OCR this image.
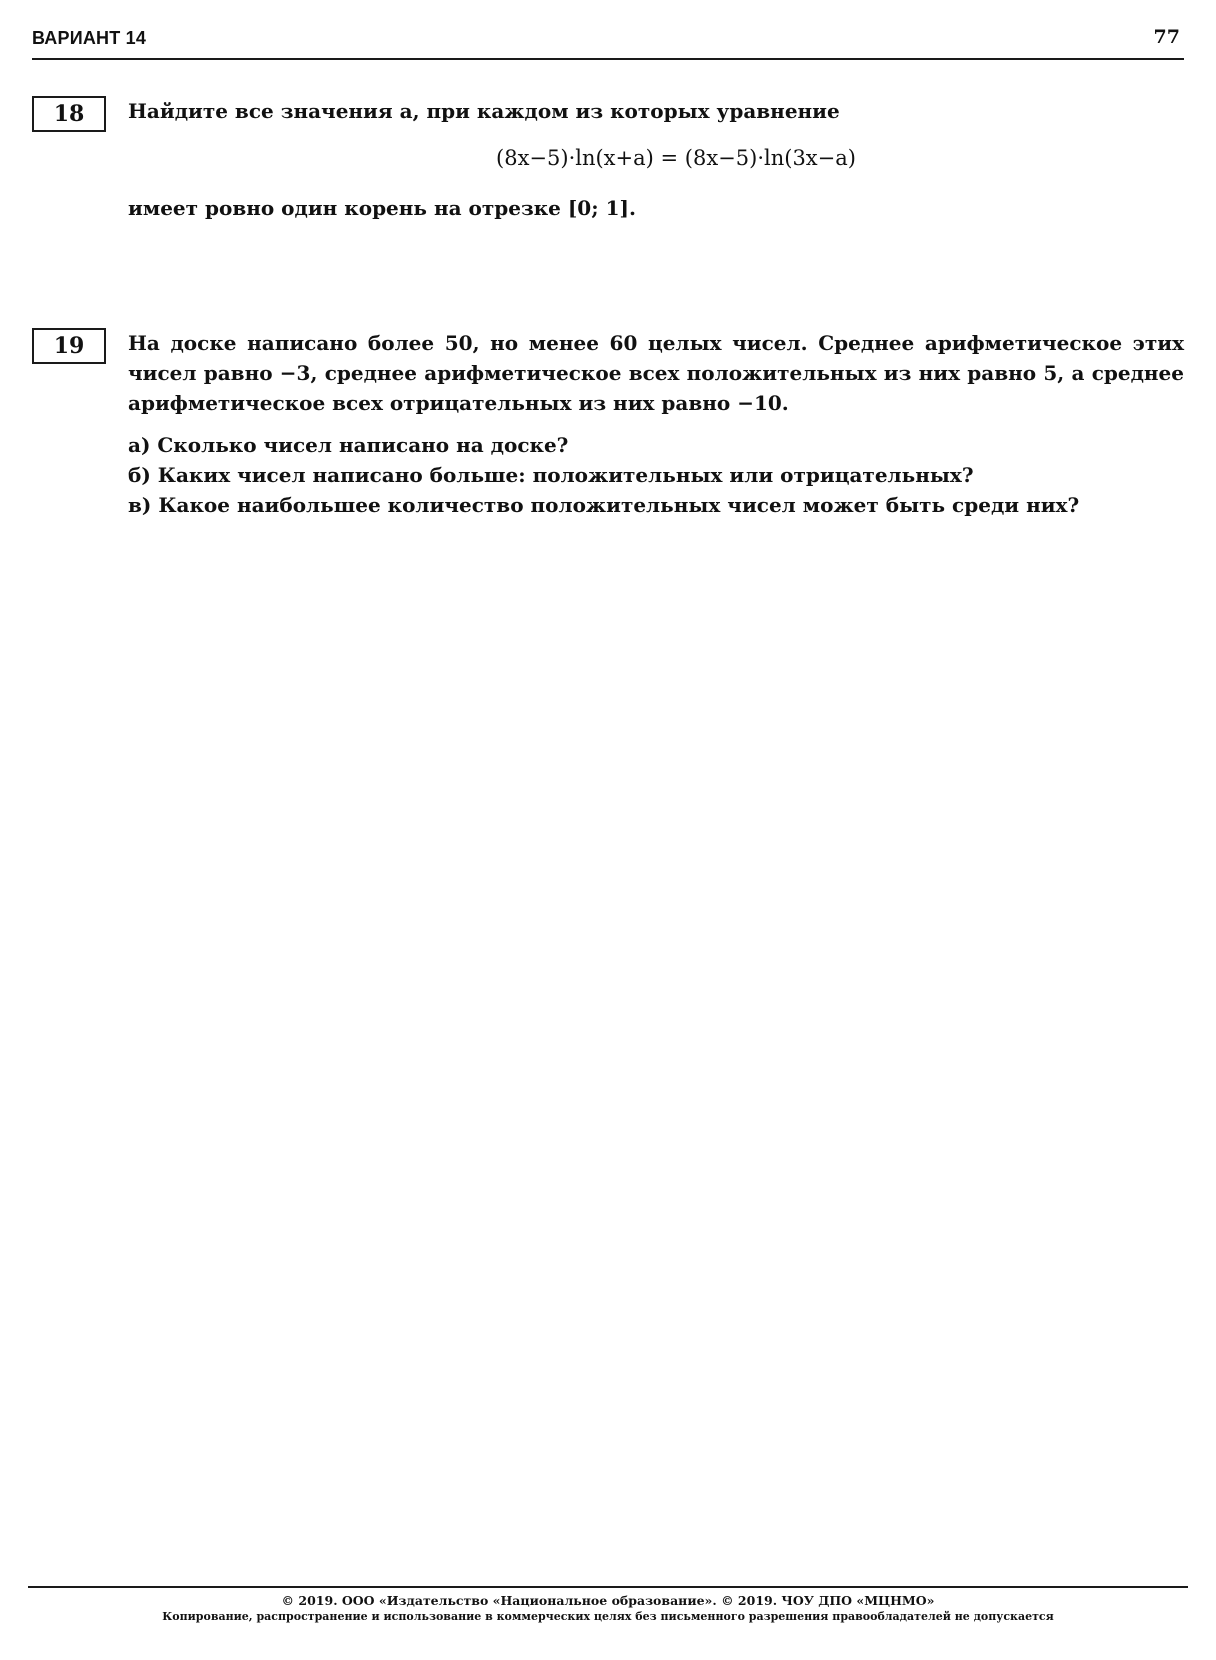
ВАРИАНТ 14	77
18	Найдите все значения a, при каждом из которых уравнение

(8x−5)·ln(x+a) = (8x−5)·ln(3x−a)

имеет ровно один корень на отрезке [0; 1].

19	На доске написано более 50, но менее 60 целых чисел. Среднее арифметическое этих чисел равно −3, среднее арифметическое всех положительных из них равно 5, а среднее арифметическое всех отрицательных из них равно −10.

а) Сколько чисел написано на доске?
б) Каких чисел написано больше: положительных или отрицательных?
в) Какое наибольшее количество положительных чисел может быть среди них?
© 2019. ООО «Издательство «Национальное образование». © 2019. ЧОУ ДПО «МЦНМО»
Копирование, распространение и использование в коммерческих целях без письменного разрешения правообладателей не допускается
